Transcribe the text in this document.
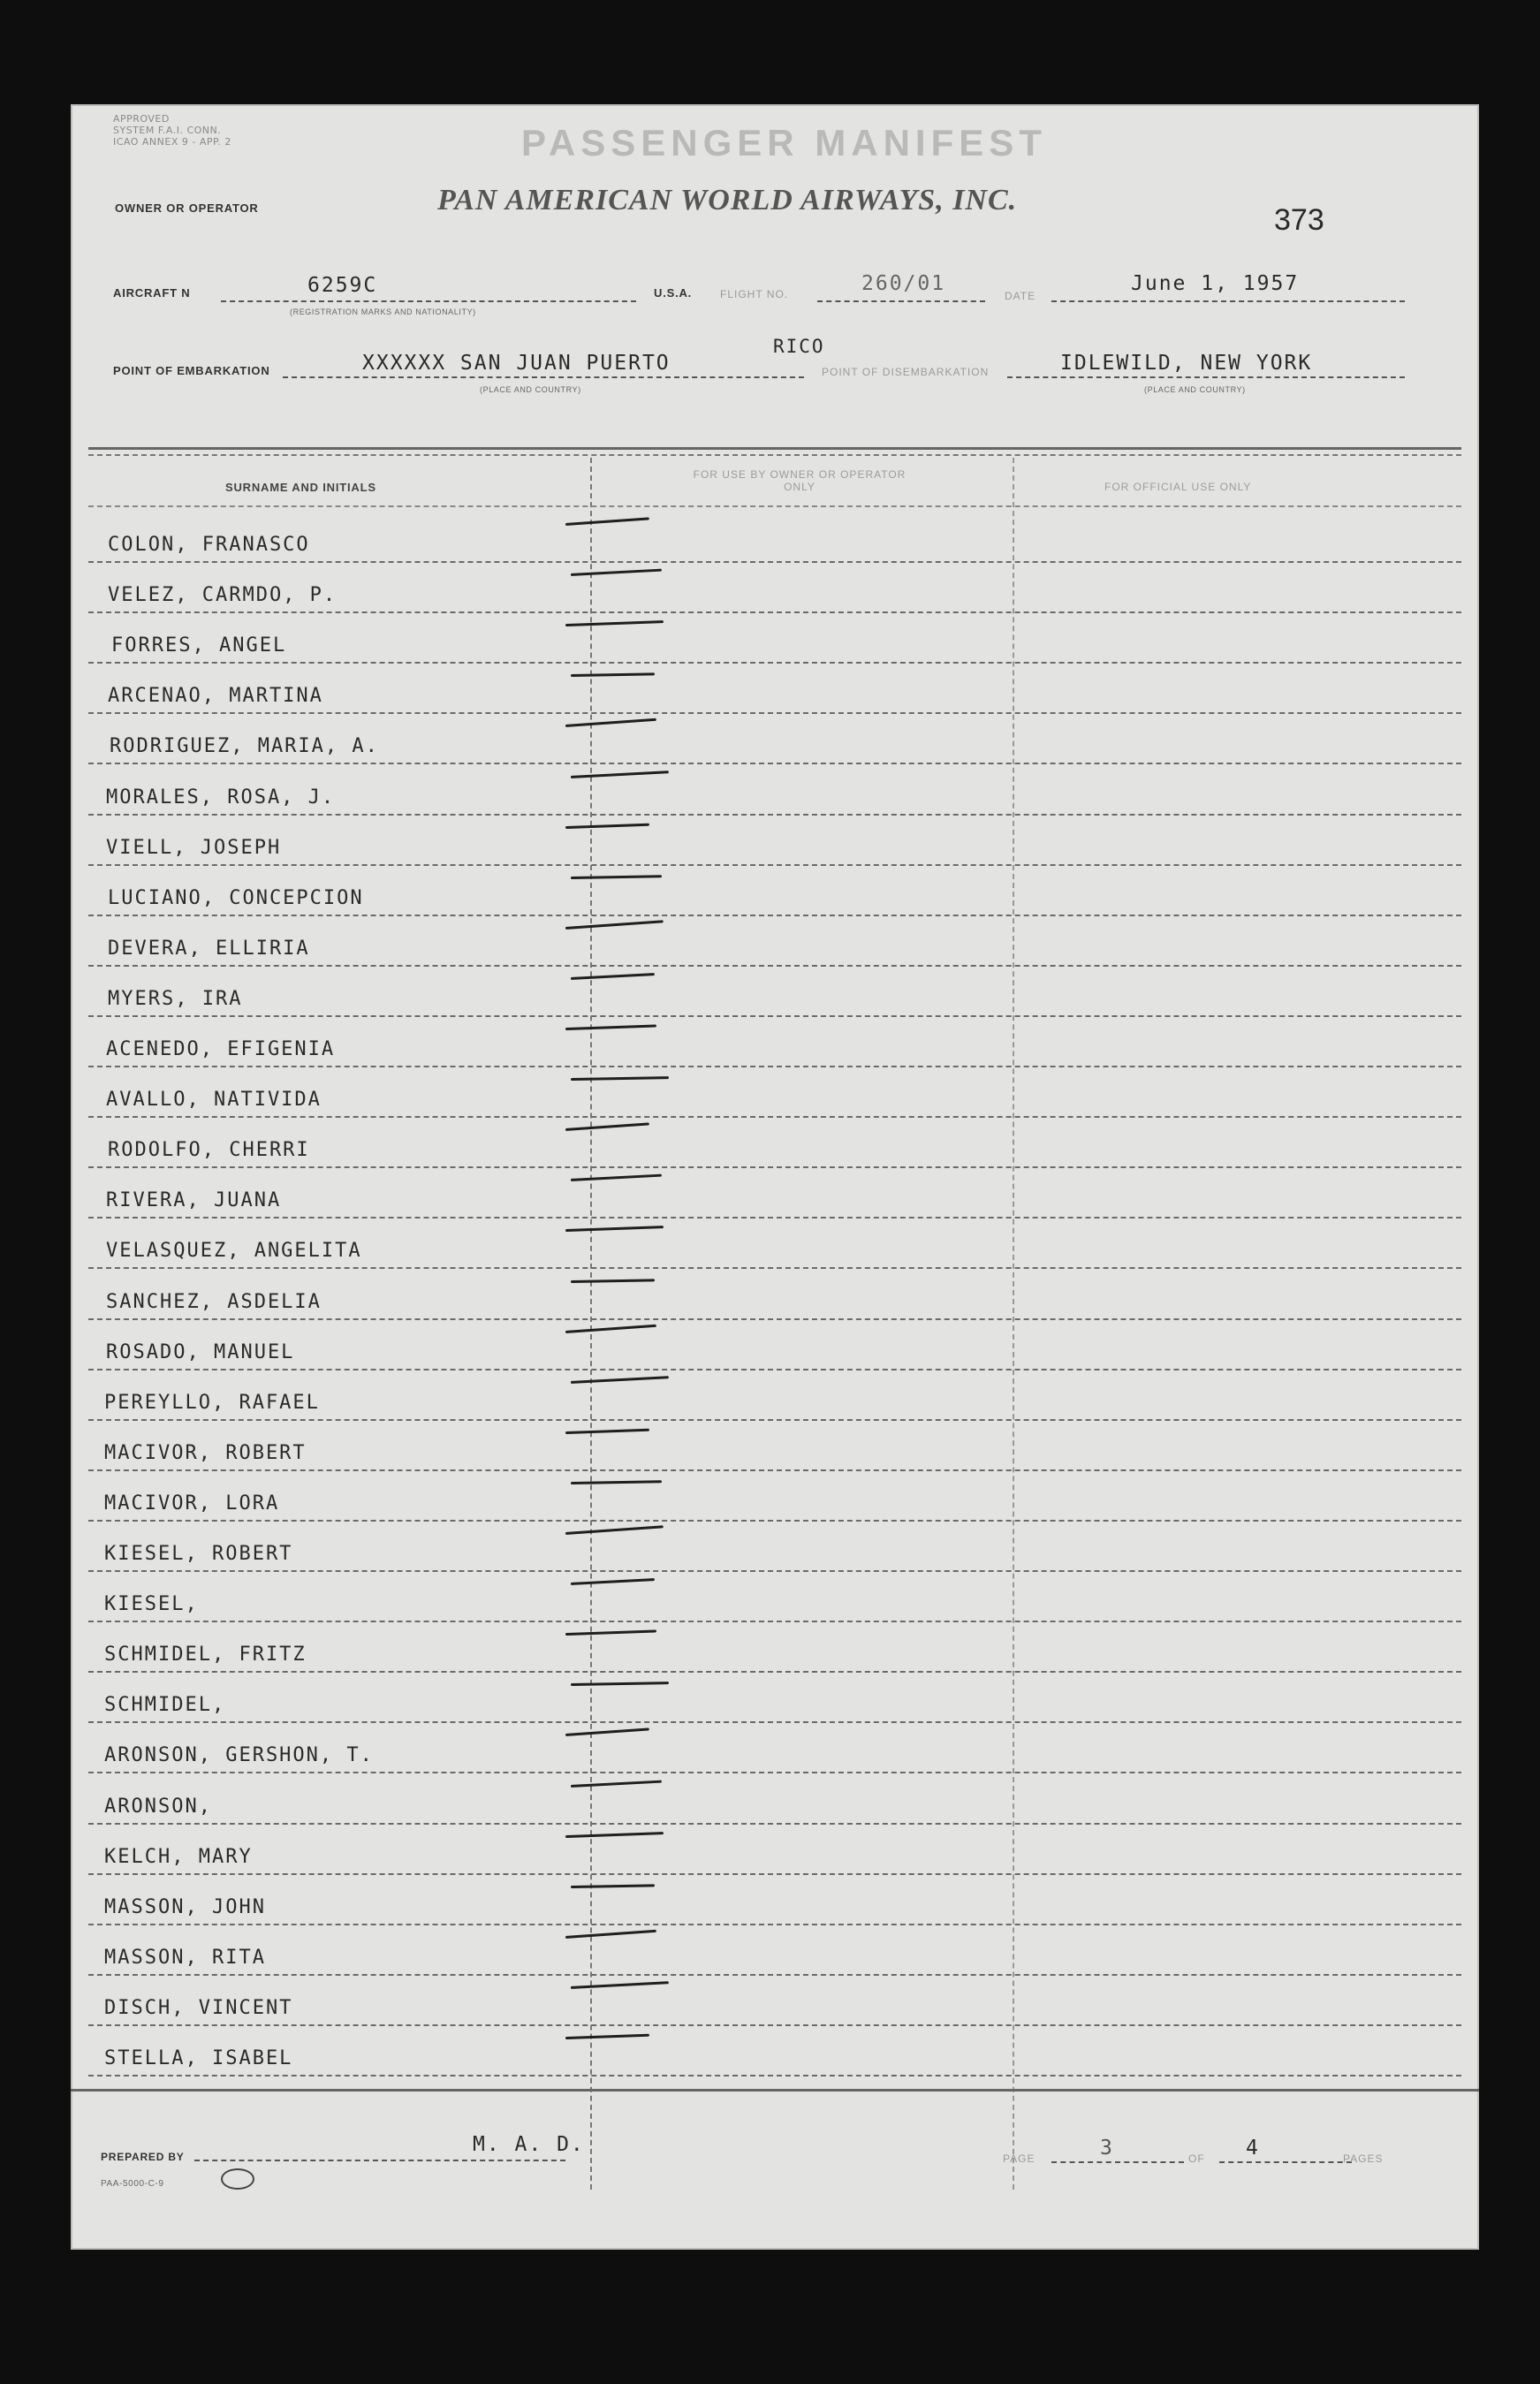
APPROVED
SYSTEM F.A.I. CONN.
ICAO ANNEX 9 - APP. 2	PASSENGER MANIFEST
OWNER OR OPERATOR	PAN AMERICAN WORLD AIRWAYS, INC.
373
AIRCRAFT N	6259C
(REGISTRATION MARKS AND NATIONALITY)
U.S.A.	FLIGHT NO.	260/01
DATE
June 1, 1957
RICO
POINT OF EMBARKATION	XXXXXX SAN JUAN PUERTO
(PLACE AND COUNTRY)
POINT OF DISEMBARKATION	IDLEWILD, NEW YORK
(PLACE AND COUNTRY)
SURNAME AND INITIALS
FOR USE BY OWNER OR OPERATOR ONLY	FOR OFFICIAL USE ONLY
COLON, FRANASCO
VELEZ, CARMDO, P.
FORRES, ANGEL
ARCENAO, MARTINA
RODRIGUEZ, MARIA, A.
MORALES, ROSA, J.
VIELL, JOSEPH
LUCIANO, CONCEPCION
DEVERA, ELLIRIA
MYERS, IRA
ACENEDO, EFIGENIA
AVALLO, NATIVIDA
RODOLFO, CHERRI
RIVERA, JUANA
VELASQUEZ, ANGELITA
SANCHEZ, ASDELIA
ROSADO, MANUEL
PEREYLLO, RAFAEL
MACIVOR, ROBERT
MACIVOR, LORA
KIESEL, ROBERT
KIESEL,
SCHMIDEL, FRITZ
SCHMIDEL,
ARONSON, GERSHON, T.
ARONSON,
KELCH, MARY
MASSON, JOHN
MASSON, RITA
DISCH, VINCENT
STELLA, ISABEL
PREPARED BY
M. A. D.
PAA-5000-C-9
PAGE	3	OF 4	PAGES
